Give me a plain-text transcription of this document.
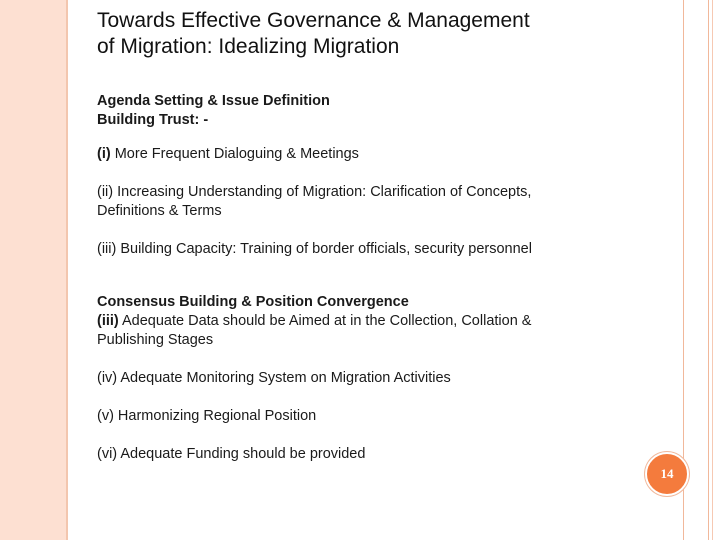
Towards Effective Governance & Management
of Migration: Idealizing Migration

Agenda Setting & Issue Definition

Building Trust: -

(i) More Frequent Dialoguing & Meetings

(ii) Increasing Understanding of Migration: Clarification of Concepts,
Definitions & Terms

(iii) Building Capacity: Training of border officials, security personnel

Consensus Building & Position Convergence

(iii) Adequate Data should be Aimed at in the Collection, Collation &
Publishing Stages

(iv) Adequate Monitoring System on Migration Activities

(v) Harmonizing Regional Position

(vi) Adequate Funding should be provided

14
